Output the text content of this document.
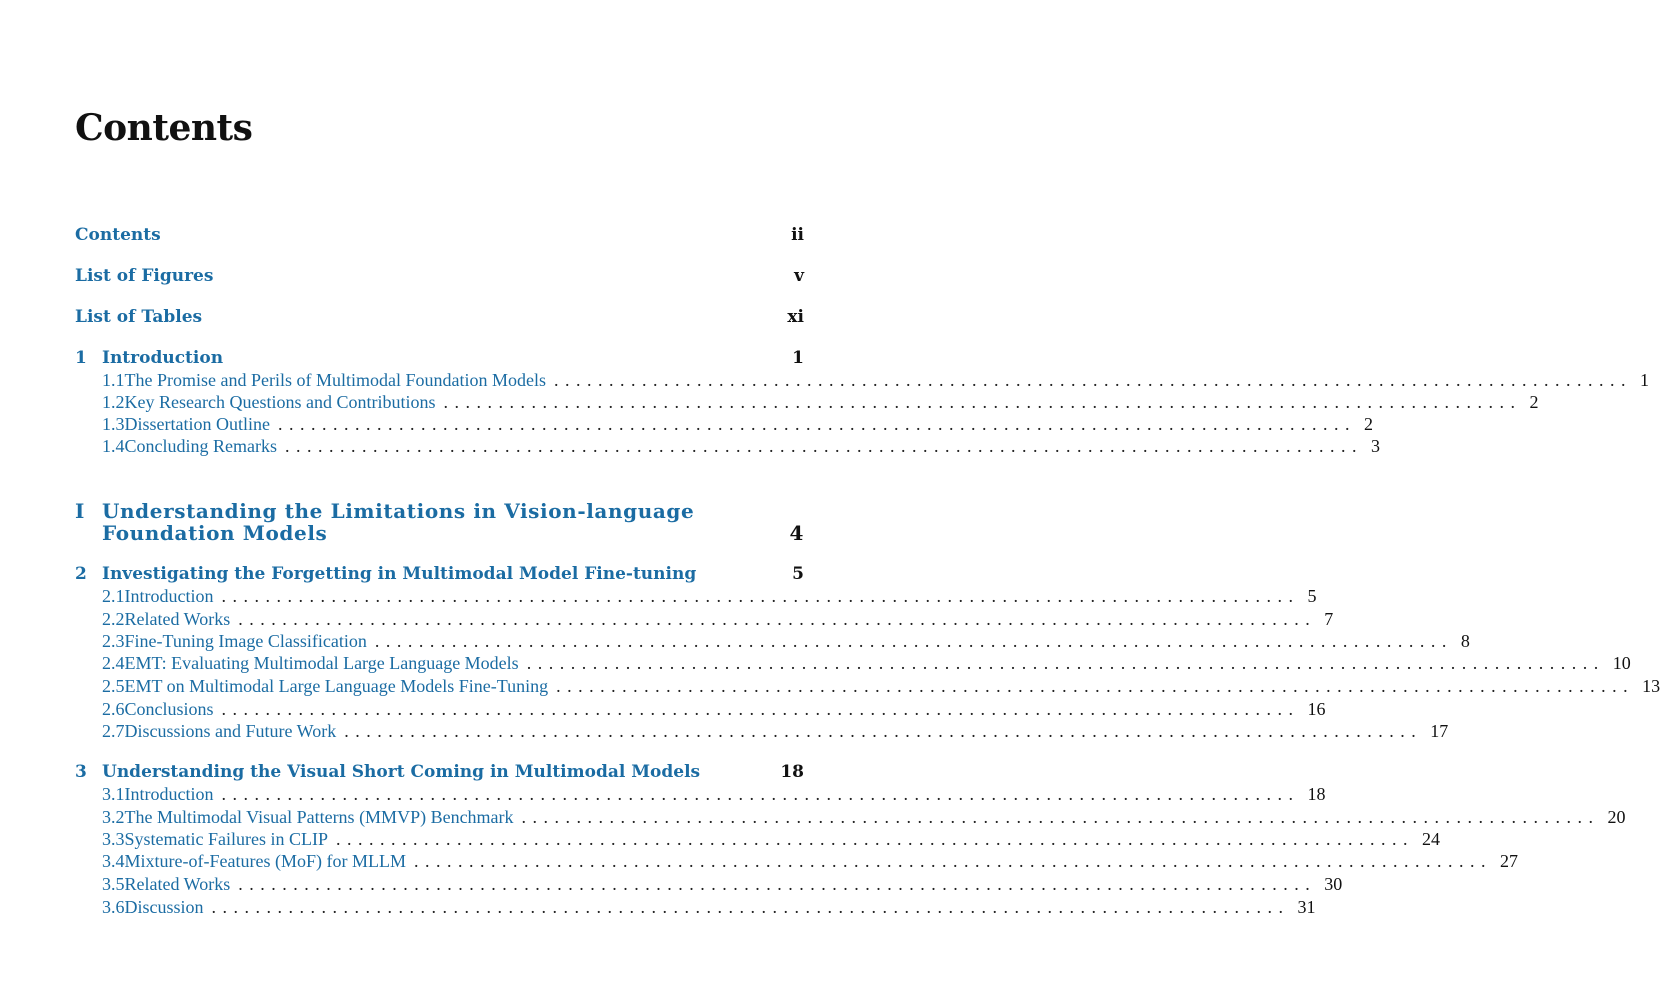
Contents
Contents	ii
List of Figures	v
List of Tables	xi
1 Introduction	1
1.1 The Promise and Perils of Multimodal Foundation Models .................................................................................................. 1
1.2 Key Research Questions and Contributions .................................................................................................. 2
1.3 Dissertation Outline .................................................................................................. 2
1.4 Concluding Remarks .................................................................................................. 3
I Understanding the Limitations in Vision-language Foundation Models	4
2 Investigating the Forgetting in Multimodal Model Fine-tuning	5
2.1 Introduction .................................................................................................. 5
2.2 Related Works .................................................................................................. 7
2.3 Fine-Tuning Image Classification .................................................................................................. 8
2.4 EMT: Evaluating Multimodal Large Language Models .................................................................................................. 10
2.5 EMT on Multimodal Large Language Models Fine-Tuning .................................................................................................. 13
2.6 Conclusions .................................................................................................. 16
2.7 Discussions and Future Work .................................................................................................. 17
3 Understanding the Visual Short Coming in Multimodal Models	18
3.1 Introduction .................................................................................................. 18
3.2 The Multimodal Visual Patterns (MMVP) Benchmark .................................................................................................. 20
3.3 Systematic Failures in CLIP .................................................................................................. 24
3.4 Mixture-of-Features (MoF) for MLLM .................................................................................................. 27
3.5 Related Works .................................................................................................. 30
3.6 Discussion .................................................................................................. 31
